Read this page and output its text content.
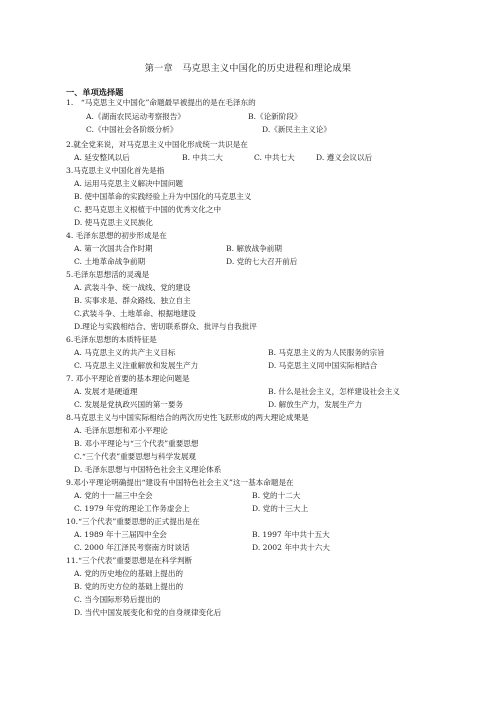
第一章　马克思主义中国化的历史进程和理论成果
一、单项选择题
1.　“马克思主义中国化”命题最早被提出的是在毛泽东的
A.《湖南农民运动考察报告》	B.《论新阶段》
C.《中国社会各阶级分析》	D.《新民主主义论》
2.就全党来说，对马克思主义中国化形成统一共识是在
A. 延安整风以后	B. 中共二大	C. 中共七大	D. 遵义会议以后
3.马克思主义中国化首先是指
A. 运用马克思主义解决中国问题
B. 使中国革命的实践经验上升为中国化的马克思主义
C. 把马克思主义根植于中国的优秀文化之中
D. 使马克思主义民族化
4. 毛泽东思想的初步形成是在
A. 第一次国共合作时期	B. 解放战争前期
C. 土地革命战争前期	D. 党的七大召开前后
5.毛泽东思想活的灵魂是
A. 武装斗争、统一战线、党的建设
B. 实事求是、群众路线、独立自主
C.武装斗争、土地革命、根据地建设
D.理论与实践相结合、密切联系群众、批评与自我批评
6.毛泽东思想的本质特征是
A. 马克思主义的共产主义目标	B. 马克思主义的为人民服务的宗旨
C. 马克思主义注重解放和发展生产力	D. 马克思主义同中国实际相结合
7. 邓小平理论首要的基本理论问题是
A. 发展才是硬道理	B. 什么是社会主义，怎样建设社会主义
C. 发展是党执政兴国的第一要务	D. 解放生产力，发展生产力
8.马克思主义与中国实际相结合的两次历史性飞跃形成的两大理论成果是
A. 毛泽东思想和邓小平理论
B. 邓小平理论与“三个代表”重要思想
C.“三个代表”重要思想与科学发展观
D. 毛泽东思想与中国特色社会主义理论体系
9.邓小平理论明确提出“建设有中国特色社会主义”这一基本命题是在
A. 党的十一届三中全会	B. 党的十二大
C. 1979 年党的理论工作务虚会上	D. 党的十三大上
10.“三个代表”重要思想的正式提出是在
A. 1989 年十三届四中全会	B. 1997 年中共十五大
C. 2000 年江泽民考察南方时谈话	D. 2002 年中共十六大
11.“三个代表”重要思想是在科学判断
A. 党的历史地位的基础上提出的
B. 党的历史方位的基础上提出的
C. 当今国际形势后提出的
D. 当代中国发展变化和党的自身规律变化后
